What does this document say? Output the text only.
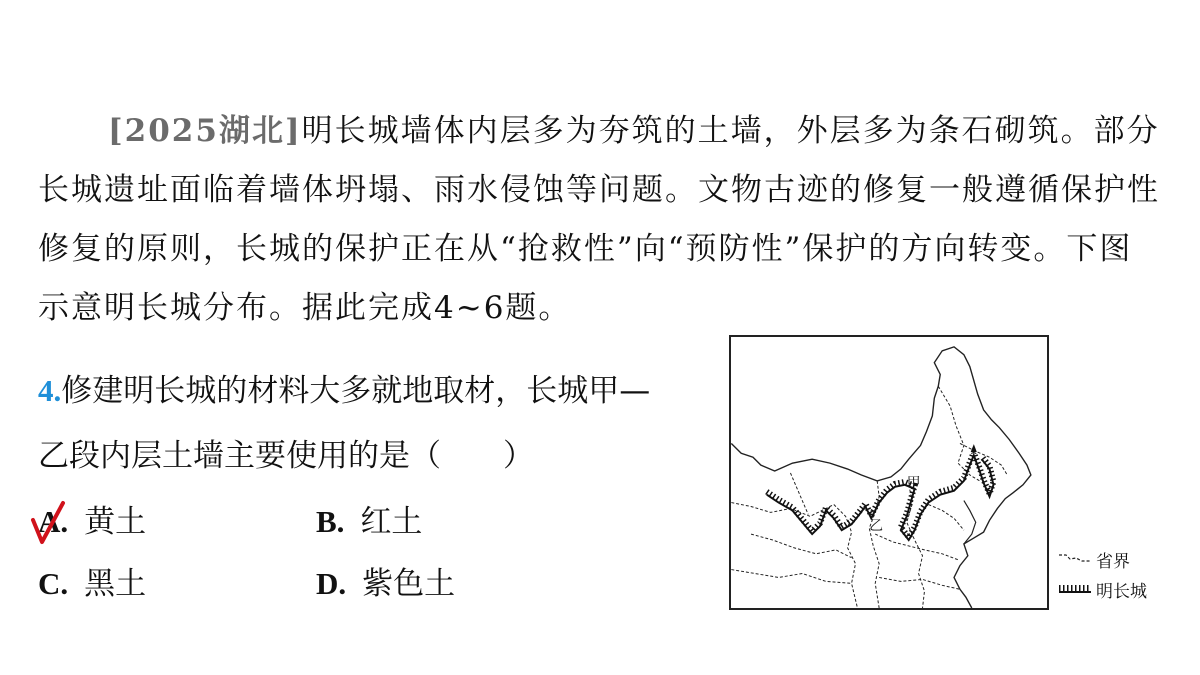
[2025湖北]明长城墙体内层多为夯筑的土墙，外层多为条石砌筑。部分长城遗址面临着墙体坍塌、雨水侵蚀等问题。文物古迹的修复一般遵循保护性修复的原则，长城的保护正在从“抢救性”向“预防性”保护的方向转变。下图示意明长城分布。据此完成4~6题。
4.修建明长城的材料大多就地取材，长城甲—乙段内层土墙主要使用的是（　　）
A. 黄土	B. 红土
C. 黑土	D. 紫色土
甲
乙
省界
明长城
